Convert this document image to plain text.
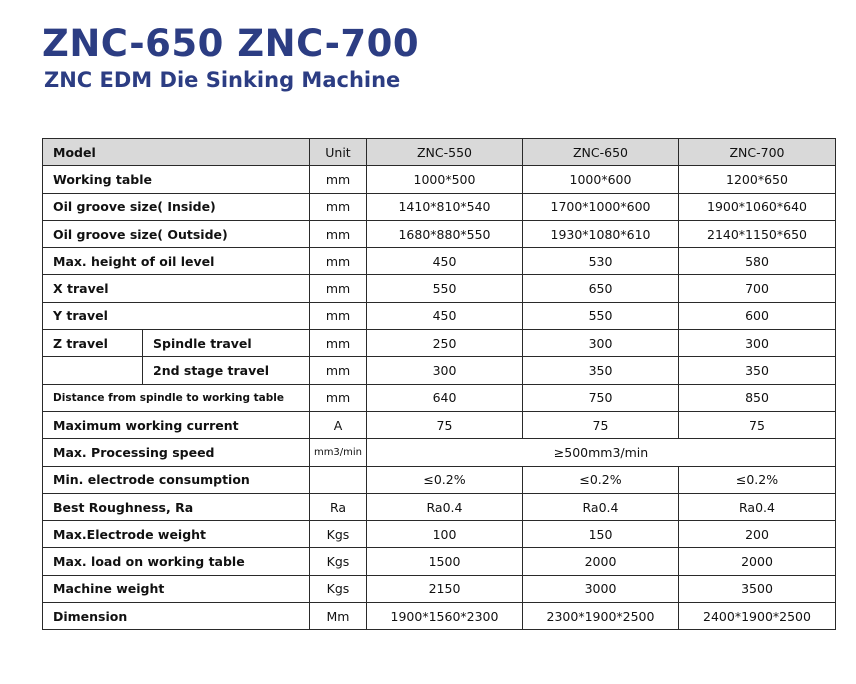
ZNC-650 ZNC-700
ZNC EDM Die Sinking Machine
Model		Unit	ZNC-550	ZNC-650	ZNC-700
Working table		mm	1000*500	1000*600	1200*650
Oil groove size( Inside)		mm	1410*810*540	1700*1000*600	1900*1060*640
Oil groove size( Outside)		mm	1680*880*550	1930*1080*610	2140*1150*650
Max. height of oil level		mm	450	530	580
X travel		mm	550	650	700
Y travel		mm	450	550	600
Z travel	Spindle travel	mm	250	300	300
	2nd stage travel	mm	300	350	350
Distance from spindle to working table		mm	640	750	850
Maximum working current		A	75	75	75
Max. Processing speed		mm3/min	≥500mm3/min		
Min. electrode consumption			≤0.2%	≤0.2%	≤0.2%
Best Roughness, Ra		Ra	Ra0.4	Ra0.4	Ra0.4
Max.Electrode weight		Kgs	100	150	200
Max. load on working table		Kgs	1500	2000	2000
Machine weight		Kgs	2150	3000	3500
Dimension		Mm	1900*1560*2300	2300*1900*2500	2400*1900*2500
